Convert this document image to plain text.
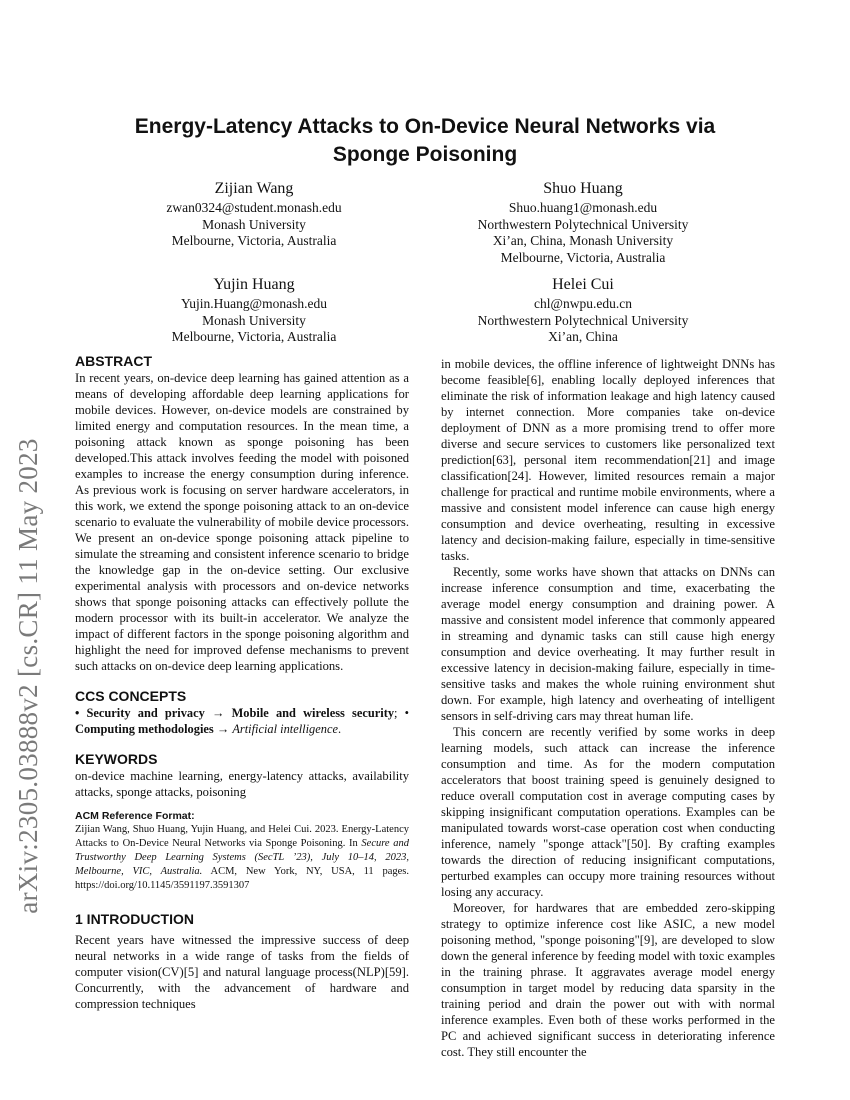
arXiv:2305.03888v2 [cs.CR] 11 May 2023
Energy-Latency Attacks to On-Device Neural Networks via
Sponge Poisoning
Zijian Wang
zwan0324@student.monash.edu
Monash University
Melbourne, Victoria, Australia
Shuo Huang
Shuo.huang1@monash.edu
Northwestern Polytechnical University
Xi’an, China, Monash University
Melbourne, Victoria, Australia
Yujin Huang
Yujin.Huang@monash.edu
Monash University
Melbourne, Victoria, Australia
Helei Cui
chl@nwpu.edu.cn
Northwestern Polytechnical University
Xi’an, China
ABSTRACT

In recent years, on-device deep learning has gained attention as a means of developing affordable deep learning applications for mobile devices. However, on-device models are constrained by limited energy and computation resources. In the mean time, a poisoning attack known as sponge poisoning has been developed.This attack involves feeding the model with poisoned examples to increase the energy consumption during inference. As previous work is focusing on server hardware accelerators, in this work, we extend the sponge poisoning attack to an on-device scenario to evaluate the vulnerability of mobile device processors. We present an on-device sponge poisoning attack pipeline to simulate the streaming and consistent inference scenario to bridge the knowledge gap in the on-device setting. Our exclusive experimental analysis with processors and on-device networks shows that sponge poisoning attacks can effectively pollute the modern processor with its built-in accelerator. We analyze the impact of different factors in the sponge poisoning algorithm and highlight the need for improved defense mechanisms to prevent such attacks on on-device deep learning applications.

CCS CONCEPTS

• Security and privacy → Mobile and wireless security; • Computing methodologies → Artificial intelligence.

KEYWORDS

on-device machine learning, energy-latency attacks, availability attacks, sponge attacks, poisoning

ACM Reference Format:

Zijian Wang, Shuo Huang, Yujin Huang, and Helei Cui. 2023. Energy-Latency Attacks to On-Device Neural Networks via Sponge Poisoning. In Secure and Trustworthy Deep Learning Systems (SecTL ’23), July 10–14, 2023, Melbourne, VIC, Australia. ACM, New York, NY, USA, 11 pages. https://doi.org/10.1145/3591197.3591307

1 INTRODUCTION

Recent years have witnessed the impressive success of deep neural networks in a wide range of tasks from the fields of computer vision(CV)[5] and natural language process(NLP)[59]. Concurrently, with the advancement of hardware and compression techniques

in mobile devices, the offline inference of lightweight DNNs has become feasible[6], enabling locally deployed inferences that eliminate the risk of information leakage and high latency caused by internet connection. More companies take on-device deployment of DNN as a more promising trend to offer more diverse and secure services to customers like personalized text prediction[63], personal item recommendation[21] and image classification[24]. However, limited resources remain a major challenge for practical and runtime mobile environments, where a massive and consistent model inference can cause high energy consumption and device overheating, resulting in excessive latency and decision-making failure, especially in time-sensitive tasks.

Recently, some works have shown that attacks on DNNs can increase inference consumption and time, exacerbating the average model energy consumption and draining power. A massive and consistent model inference that commonly appeared in streaming and dynamic tasks can still cause high energy consumption and device overheating. It may further result in excessive latency in decision-making failure, especially in time-sensitive tasks and makes the whole ruining environment shut down. For example, high latency and overheating of intelligent sensors in self-driving cars may threat human life.

This concern are recently verified by some works in deep learning models, such attack can increase the inference consumption and time. As for the modern computation accelerators that boost training speed is genuinely designed to reduce overall computation cost in average computing cases by skipping insignificant computation operations. Examples can be manipulated towards worst-case operation cost when conducting inference, namely "sponge attack"[50]. By crafting examples towards the direction of reducing insignificant computations, perturbed examples can occupy more training resources without losing any accuracy.

Moreover, for hardwares that are embedded zero-skipping strategy to optimize inference cost like ASIC, a new model poisoning method, "sponge poisoning"[9], are developed to slow down the general inference by feeding model with toxic examples in the training phrase. It aggravates average model energy consumption in target model by reducing data sparsity in the training period and drain the power out with with normal inference examples. Even both of these works performed in the PC and achieved significant success in deteriorating inference cost. They still encounter the
